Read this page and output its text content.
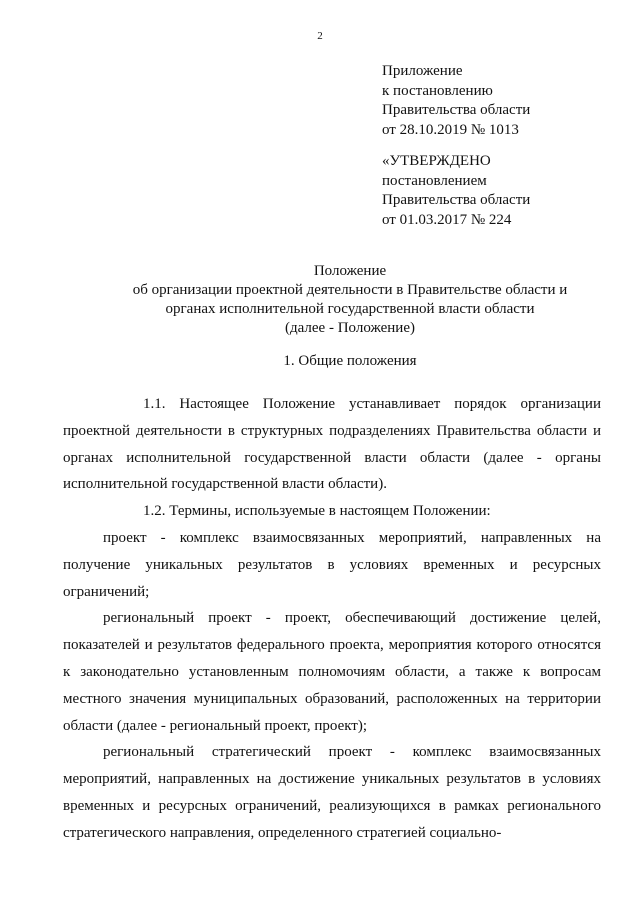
2
Приложение
к постановлению
Правительства области
от 28.10.2019 № 1013
«УТВЕРЖДЕНО
постановлением
Правительства области
от 01.03.2017 № 224
Положение
об организации проектной деятельности в Правительстве области и
органах исполнительной государственной власти области
(далее - Положение)
1. Общие положения

1.1. Настоящее Положение устанавливает порядок организации проектной деятельности в структурных подразделениях Правительства области и органах исполнительной государственной власти области (далее - органы исполнительной государственной власти области).

1.2. Термины, используемые в настоящем Положении:

проект - комплекс взаимосвязанных мероприятий, направленных на получение уникальных результатов в условиях временных и ресурсных ограничений;

региональный проект - проект, обеспечивающий достижение целей, показателей и результатов федерального проекта, мероприятия которого относятся к законодательно установленным полномочиям области, а также к вопросам местного значения муниципальных образований, расположенных на территории области (далее - региональный проект, проект);

региональный стратегический проект - комплекс взаимосвязанных мероприятий, направленных на достижение уникальных результатов в условиях временных и ресурсных ограничений, реализующихся в рамках регионального стратегического направления, определенного стратегией социально-
